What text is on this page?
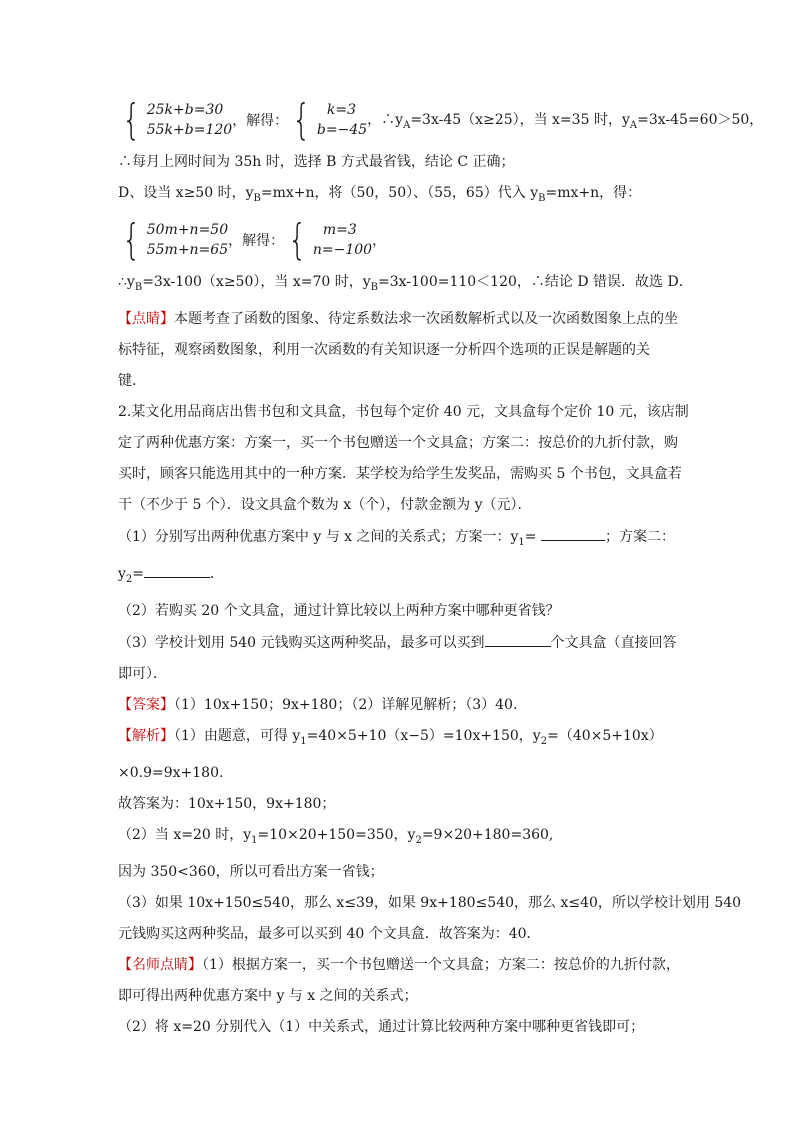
{ 25k+b=30
55k+b=120
，解得： {	k=3
b=−45
，$\therefore y_A=3x-45(x\ge 25)$，当 x=35 时，$y_A=3x-45=60>50$，
∴每月上网时间为 35h 时，选择 B 方式最省钱，结论 C 正确；
D、设当 x≥50 时，$y_B=mx+n$，将（50，50）、（55，65）代入 $y_B=mx+n$，得：
{ 50m+n=50
55m+n=65
，解得： {	m=3
n=−100
，
$\therefore y_B=3x-100(x\ge 50)$，当 x=70 时，$y_B=3x-100=110<120$，∴结论 D 错误．故选 D．
【点睛】本题考查了函数的图象、待定系数法求一次函数解析式以及一次函数图象上点的坐
标特征，观察函数图象，利用一次函数的有关知识逐一分析四个选项的正误是解题的关
键．
2.某文化用品商店出售书包和文具盒，书包每个定价 40 元，文具盒每个定价 10 元，该店制
定了两种优惠方案：方案一，买一个书包赠送一个文具盒；方案二：按总价的九折付款，购
买时，顾客只能选用其中的一种方案．某学校为给学生发奖品，需购买 5 个书包，文具盒若
干（不少于 5 个）．设文具盒个数为 x（个），付款金额为 y（元）．
（1）分别写出两种优惠方案中 y 与 x 之间的关系式；方案一：$y_1=$	；方案二：
$y_2=$	．
（2）若购买 20 个文具盒，通过计算比较以上两种方案中哪种更省钱？
（3）学校计划用 540 元钱购买这两种奖品，最多可以买到	个文具盒（直接回答
即可）．
【答案】（1）10x+150；9x+180；（2）详解见解析；（3）40.
【解析】（1）由题意，可得 $y_1=40\times 5+10(x-5)=10x+150$，$y_2=(40\times 5+10x)$
×0.9=9x+180.
故答案为：10x+150，9x+180；
（2）当 x=20 时，$y_1=10\times 20+150=350$，$y_2=9\times 20+180=360$,
因为 350<360，所以可看出方案一省钱；
（3）如果 10x+150≤540，那么 x≤39，如果 9x+180≤540，那么 x≤40，所以学校计划用 540
元钱购买这两种奖品，最多可以买到 40 个文具盒．故答案为：40．
【名师点睛】（1）根据方案一，买一个书包赠送一个文具盒；方案二：按总价的九折付款，
即可得出两种优惠方案中 y 与 x 之间的关系式；
（2）将 x=20 分别代入（1）中关系式，通过计算比较两种方案中哪种更省钱即可；
